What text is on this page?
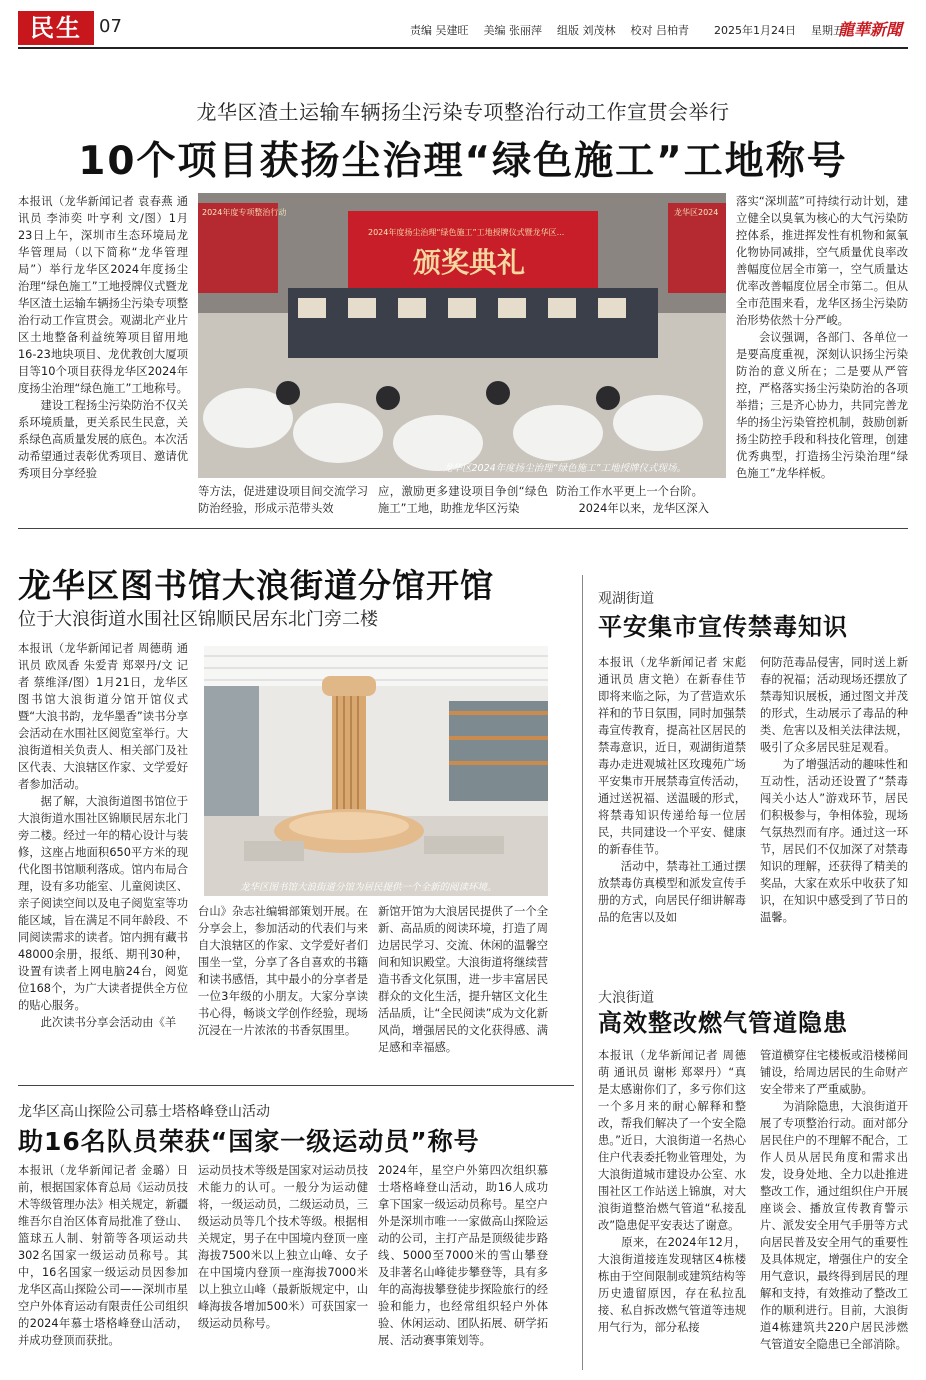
民生 07	责编 吴建旺 美编 张丽萍 组版 刘茂林 校对 吕柏青 2025年1月24日 星期五
龍華新聞
龙华区渣土运输车辆扬尘污染专项整治行动工作宣贯会举行
10个项目获扬尘治理“绿色施工”工地称号
本报讯（龙华新闻记者 袁春燕 通讯员 李沛奕 叶亨利 文/图）1月23日上午，深圳市生态环境局龙华管理局（以下简称“龙华管理局”）举行龙华区2024年度扬尘治理“绿色施工”工地授牌仪式暨龙华区渣土运输车辆扬尘污染专项整治行动工作宣贯会。观湖北产业片区土地整备利益统筹项目留用地16-23地块项目、龙优教创大厦项目等10个项目获得龙华区2024年度扬尘治理“绿色施工”工地称号。
　　建设工程扬尘污染防治不仅关系环境质量，更关系民生民意，关系绿色高质量发展的底色。本次活动希望通过表彰优秀项目、邀请优秀项目分享经验
2024年度扬尘治理“绿色施工”工地授牌仪式暨龙华区...
颁奖典礼
2024年度专项整治行动	龙华区2024
龙华区2024年度扬尘治理“绿色施工”工地授牌仪式现场。
等方法，促进建设项目间交流学习防治经验，形成示范带头效
应，激励更多建设项目争创“绿色施工”工地，助推龙华区污染
防治工作水平更上一个台阶。
　　2024年以来，龙华区深入
落实“深圳蓝”可持续行动计划，建立健全以臭氧为核心的大气污染防控体系，推进挥发性有机物和氮氧化物协同减排，空气质量优良率改善幅度位居全市第一，空气质量达优率改善幅度位居全市第二。但从全市范围来看，龙华区扬尘污染防治形势依然十分严峻。
　　会议强调，各部门、各单位一是要高度重视，深刻认识扬尘污染防治的意义所在；二是要从严管控，严格落实扬尘污染防治的各项举措；三是齐心协力，共同完善龙华的扬尘污染管控机制，鼓励创新扬尘防控手段和科技化管理，创建优秀典型，打造扬尘污染治理“绿色施工”龙华样板。
龙华区图书馆大浪街道分馆开馆
位于大浪街道水围社区锦顺民居东北门旁二楼
本报讯（龙华新闻记者 周德萌 通讯员 欧凤香 朱爱青 郑翠丹/文 记者 蔡维泽/图）1月21日，龙华区图书馆大浪街道分馆开馆仪式暨“大浪书韵，龙华墨香”读书分享会活动在水围社区阅览室举行。大浪街道相关负责人、相关部门及社区代表、大浪辖区作家、文学爱好者参加活动。
　　据了解，大浪街道图书馆位于大浪街道水围社区锦顺民居东北门旁二楼。经过一年的精心设计与装修，这座占地面积650平方米的现代化图书馆顺利落成。馆内布局合理，设有多功能室、儿童阅读区、亲子阅读空间以及电子阅览室等功能区域，旨在满足不同年龄段、不同阅读需求的读者。馆内拥有藏书48000余册，报纸、期刊30种，设置有读者上网电脑24台，阅览位168个，为广大读者提供全方位的贴心服务。
　　此次读书分享会活动由《羊
龙华区图书馆大浪街道分馆为居民提供一个全新的阅读环境。
台山》杂志社编辑部策划开展。在分享会上，参加活动的代表们与来自大浪辖区的作家、文学爱好者们围坐一堂，分享了各自喜欢的书籍和读书感悟，其中最小的分享者是一位3年级的小朋友。大家分享读书心得，畅谈文学创作经验，现场沉浸在一片浓浓的书香氛围里。
新馆开馆为大浪居民提供了一个全新、高品质的阅读环境，打造了周边居民学习、交流、休闲的温馨空间和知识殿堂。大浪街道将继续营造书香文化氛围，进一步丰富居民群众的文化生活，提升辖区文化生活品质，让“全民阅读”成为文化新风尚，增强居民的文化获得感、满足感和幸福感。
观湖街道
平安集市宣传禁毒知识
本报讯（龙华新闻记者 宋彪 通讯员 唐文艳）在新春佳节即将来临之际，为了营造欢乐祥和的节日氛围，同时加强禁毒宣传教育，提高社区居民的禁毒意识，近日，观湖街道禁毒办走进观城社区玫瑰苑广场平安集市开展禁毒宣传活动，通过送祝福、送温暖的形式，将禁毒知识传递给每一位居民，共同建设一个平安、健康的新春佳节。
　　活动中，禁毒社工通过摆放禁毒仿真模型和派发宣传手册的方式，向居民仔细讲解毒品的危害以及如
何防范毒品侵害，同时送上新春的祝福；活动现场还摆放了禁毒知识展板，通过图文并茂的形式，生动展示了毒品的种类、危害以及相关法律法规，吸引了众多居民驻足观看。
　　为了增强活动的趣味性和互动性，活动还设置了“禁毒闯关小达人”游戏环节，居民们积极参与，争相体验，现场气氛热烈而有序。通过这一环节，居民们不仅加深了对禁毒知识的理解，还获得了精美的奖品，大家在欢乐中收获了知识，在知识中感受到了节日的温馨。
大浪街道
高效整改燃气管道隐患
本报讯（龙华新闻记者 周德萌 通讯员 谢彬 郑翠丹）“真是太感谢你们了，多亏你们这一个多月来的耐心解释和整改，帮我们解决了一个安全隐患。”近日，大浪街道一名热心住户代表委托物业管理处，为大浪街道城市建设办公室、水围社区工作站送上锦旗，对大浪街道整治燃气管道“私接乱改”隐患促平安表达了谢意。
　　原来，在2024年12月，大浪街道接连发现辖区4栋楼栋由于空间限制或建筑结构等历史遗留原因，存在私拉乱接、私自拆改燃气管道等违规用气行为，部分私接
管道横穿住宅楼板或沿楼梯间铺设，给周边居民的生命财产安全带来了严重威胁。
　　为消除隐患，大浪街道开展了专项整治行动。面对部分居民住户的不理解不配合，工作人员从居民角度和需求出发，设身处地、全力以赴推进整改工作，通过组织住户开展座谈会、播放宣传教育警示片、派发安全用气手册等方式向居民普及安全用气的重要性及具体规定，增强住户的安全用气意识，最终得到居民的理解和支持，有效推动了整改工作的顺利进行。目前，大浪街道4栋建筑共220户居民涉燃气管道安全隐患已全部消除。
龙华区高山探险公司慕士塔格峰登山活动
助16名队员荣获“国家一级运动员”称号
本报讯（龙华新闻记者 金璐）日前，根据国家体育总局《运动员技术等级管理办法》相关规定，新疆维吾尔自治区体育局批准了登山、篮球五人制、射箭等各项运动共302名国家一级运动员称号。其中，16名国家一级运动员因参加龙华区高山探险公司——深圳市星空户外体育运动有限责任公司组织的2024年慕士塔格峰登山活动，并成功登顶而获批。
运动员技术等级是国家对运动员技术能力的认可。一般分为运动健将，一级运动员，二级运动员，三级运动员等几个技术等级。根据相关规定，男子在中国境内登顶一座海拔7500米以上独立山峰、女子在中国境内登顶一座海拔7000米以上独立山峰（最新版规定中，山峰海拔各增加500米）可获国家一级运动员称号。
2024年，星空户外第四次组织慕士塔格峰登山活动，助16人成功拿下国家一级运动员称号。星空户外是深圳市唯一一家做高山探险运动的公司，主打产品是顶级徒步路线、5000至7000米的雪山攀登及非著名山峰徒步攀登等，具有多年的高海拔攀登徒步探险旅行的经验和能力，也经常组织轻户外体验、休闲运动、团队拓展、研学拓展、活动赛事策划等。
